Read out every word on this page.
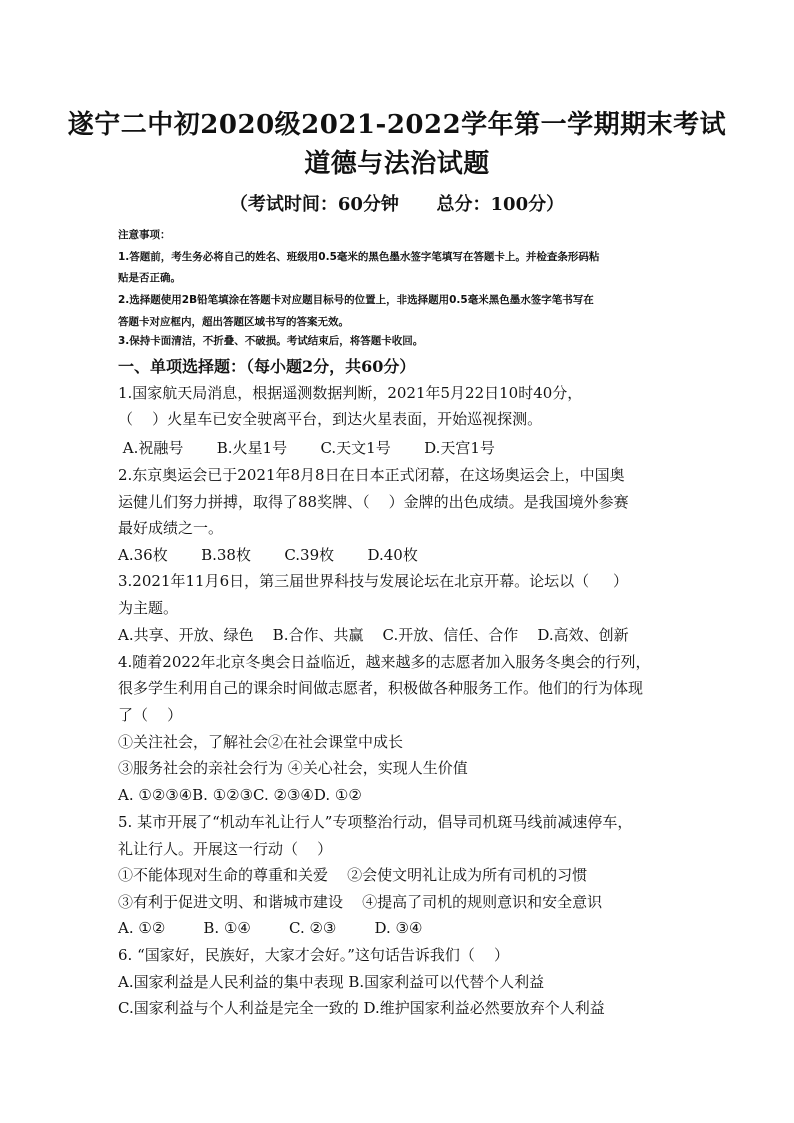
遂宁二中初2020级2021-2022学年第一学期期末考试
道德与法治试题
（考试时间：60分钟      总分：100分）
注意事项：
1.答题前，考生务必将自己的姓名、班级用0.5毫米的黑色墨水签字笔填写在答题卡上。并检查条形码粘
贴是否正确。
2.选择题使用2B铅笔填涂在答题卡对应题目标号的位置上，非选择题用0.5毫米黑色墨水签字笔书写在
答题卡对应框内，超出答题区域书写的答案无效。
3.保持卡面清洁，不折叠、不破损。考试结束后，将答题卡收回。
一、单项选择题：（每小题2分，共60分）
1.国家航天局消息，根据遥测数据判断，2021年5月22日10时40分，
（    ）火星车已安全驶离平台，到达火星表面，开始巡视探测。
A.祝融号       B.火星1号       C.天文1号       D.天宫1号
2.东京奥运会已于2021年8月8日在日本正式闭幕，在这场奥运会上，中国奥
运健儿们努力拼搏，取得了88奖牌、（    ）金牌的出色成绩。是我国境外参赛
最好成绩之一。
A.36枚       B.38枚       C.39枚       D.40枚
3.2021年11月6日，第三届世界科技与发展论坛在北京开幕。论坛以（     ）
为主题。
A.共享、开放、绿色    B.合作、共赢    C.开放、信任、合作    D.高效、创新
4.随着2022年北京冬奥会日益临近，越来越多的志愿者加入服务冬奥会的行列，
很多学生利用自己的课余时间做志愿者，积极做各种服务工作。他们的行为体现
了（    ）
①关注社会，了解社会②在社会课堂中成长
③服务社会的亲社会行为 ④关心社会，实现人生价值
A. ①②③④B. ①②③C. ②③④D. ①②
5. 某市开展了“机动车礼让行人”专项整治行动，倡导司机斑马线前减速停车，
礼让行人。开展这一行动（    ）
①不能体现对生命的尊重和关爱    ②会使文明礼让成为所有司机的习惯
③有利于促进文明、和谐城市建设    ④提高了司机的规则意识和安全意识
A. ①②        B. ①④        C. ②③        D. ③④
6. “国家好，民族好，大家才会好。”这句话告诉我们（    ）
A.国家利益是人民利益的集中表现 B.国家利益可以代替个人利益
C.国家利益与个人利益是完全一致的 D.维护国家利益必然要放弃个人利益
